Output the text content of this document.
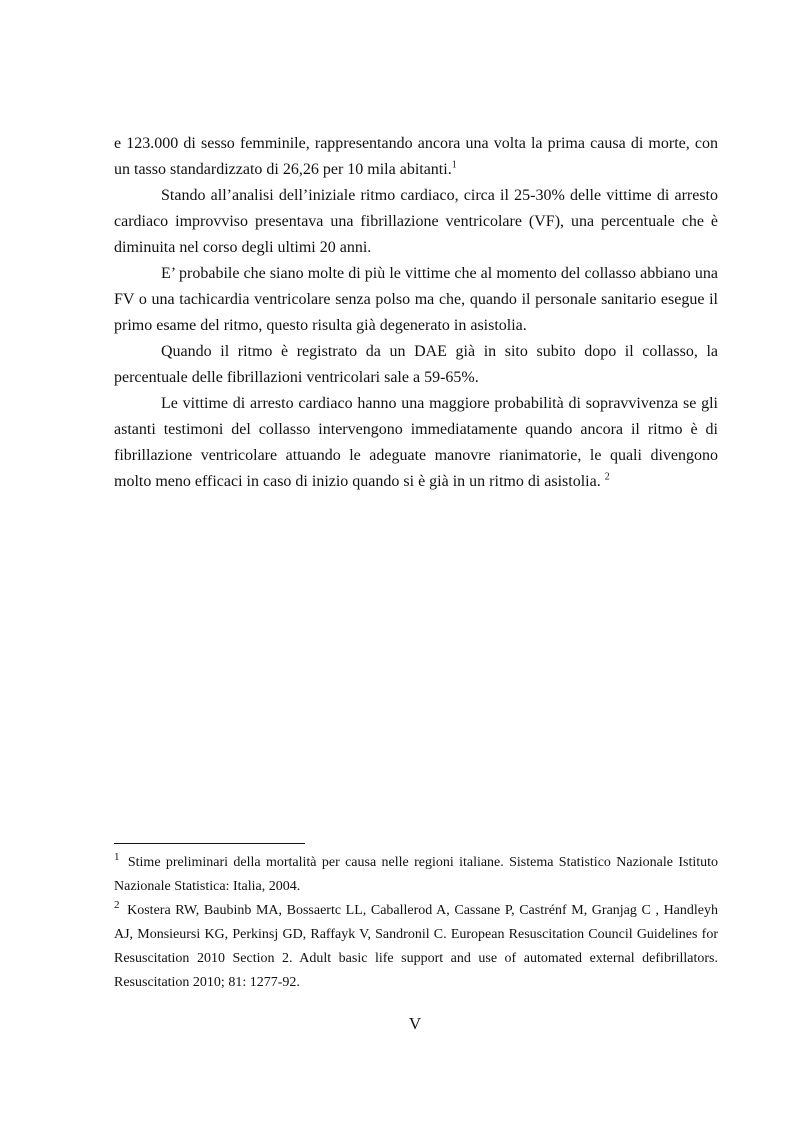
e 123.000 di sesso femminile, rappresentando ancora una volta la prima causa di morte, con un tasso standardizzato di 26,26 per 10 mila abitanti.$^1$

Stando all’analisi dell’iniziale ritmo cardiaco, circa il 25-30% delle vittime di arresto cardiaco improvviso presentava una fibrillazione ventricolare (VF), una percentuale che è diminuita nel corso degli ultimi 20 anni.

E’ probabile che siano molte di più le vittime che al momento del collasso abbiano una FV o una tachicardia ventricolare senza polso ma che, quando il personale sanitario esegue il primo esame del ritmo, questo risulta già degenerato in asistolia.

Quando il ritmo è registrato da un DAE già in sito subito dopo il collasso, la percentuale delle fibrillazioni ventricolari sale a 59-65%.

Le vittime di arresto cardiaco hanno una maggiore probabilità di sopravvivenza se gli astanti testimoni del collasso intervengono immediatamente quando ancora il ritmo è di fibrillazione ventricolare attuando le adeguate manovre rianimatorie, le quali divengono molto meno efficaci in caso di inizio quando si è già in un ritmo di asistolia. $^2$

$^1$ Stime preliminari della mortalità per causa nelle regioni italiane. Sistema Statistico Nazionale Istituto Nazionale Statistica: Italia, 2004.

$^2$ Kostera RW, Baubinb MA, Bossaertc LL, Caballerod A, Cassane P, Castrénf M, Granjag C , Handleyh AJ, Monsieursi KG, Perkinsj GD, Raffayk V, Sandronil C. European Resuscitation Council Guidelines for Resuscitation 2010 Section 2. Adult basic life support and use of automated external defibrillators. Resuscitation 2010; 81: 1277-92.

V
